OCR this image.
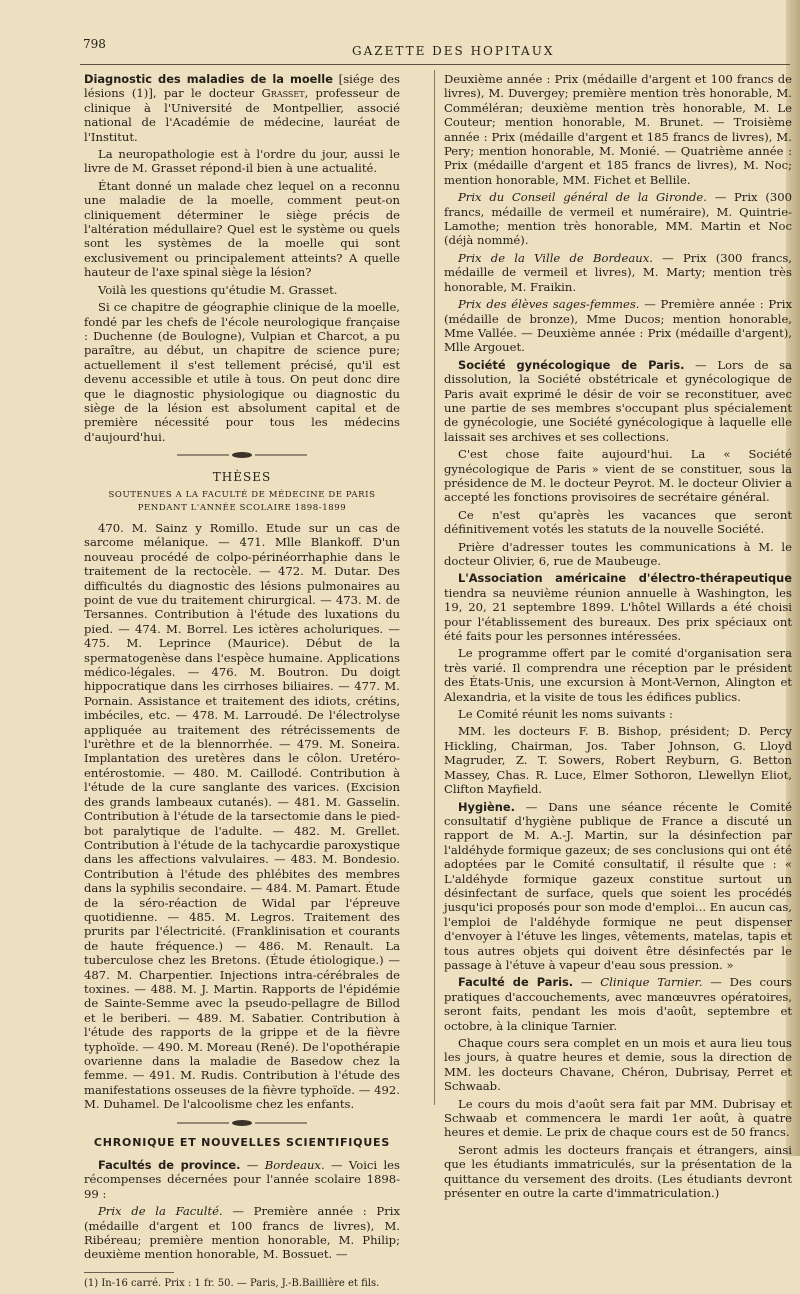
798	GAZETTE DES HOPITAUX

Diagnostic des maladies de la moelle [siége des lésions (1)], par le docteur Grasset, professeur de clinique à l'Université de Montpellier, associé national de l'Académie de médecine, lauréat de l'Institut.

La neuropathologie est à l'ordre du jour, aussi le livre de M. Grasset répond-il bien à une actualité.

Étant donné un malade chez lequel on a reconnu une maladie de la moelle, comment peut-on cliniquement déterminer le siège précis de l'altération médullaire? Quel est le système ou quels sont les systèmes de la moelle qui sont exclusivement ou principalement atteints? A quelle hauteur de l'axe spinal siège la lésion?

Voilà les questions qu'étudie M. Grasset.

Si ce chapitre de géographie clinique de la moelle, fondé par les chefs de l'école neurologique française : Duchenne (de Boulogne), Vulpian et Charcot, a pu paraître, au début, un chapitre de science pure; actuellement il s'est tellement précisé, qu'il est devenu accessible et utile à tous. On peut donc dire que le diagnostic physiologique ou diagnostic du siège de la lésion est absolument capital et de première nécessité pour tous les médecins d'aujourd'hui.

THÈSES
SOUTENUES A LA FACULTÉ DE MÉDECINE DE PARIS
PENDANT L'ANNÉE SCOLAIRE 1898-1899

470. M. Sainz y Romillo. Etude sur un cas de sarcome mélanique. — 471. Mlle Blankoff. D'un nouveau procédé de colpo-périnéorrhaphie dans le traitement de la rectocèle. — 472. M. Dutar. Des difficultés du diagnostic des lésions pulmonaires au point de vue du traitement chirurgical. — 473. M. de Tersannes. Contribution à l'étude des luxations du pied. — 474. M. Borrel. Les ictères acholuriques. — 475. M. Leprince (Maurice). Début de la spermatogenèse dans l'espèce humaine. Applications médico-légales. — 476. M. Boutron. Du doigt hippocratique dans les cirrhoses biliaires. — 477. M. Pornain. Assistance et traitement des idiots, crétins, imbéciles, etc. — 478. M. Larroudé. De l'électrolyse appliquée au traitement des rétrécissements de l'urèthre et de la blennorrhée. — 479. M. Soneira. Implantation des uretères dans le côlon. Uretéro-entérostomie. — 480. M. Caillodé. Contribution à l'étude de la cure sanglante des varices. (Excision des grands lambeaux cutanés). — 481. M. Gasselin. Contribution à l'étude de la tarsectomie dans le pied-bot paralytique de l'adulte. — 482. M. Grellet. Contribution à l'étude de la tachycardie paroxystique dans les affections valvulaires. — 483. M. Bondesio. Contribution à l'étude des phlébites des membres dans la syphilis secondaire. — 484. M. Pamart. Étude de la séro-réaction de Widal par l'épreuve quotidienne. — 485. M. Legros. Traitement des prurits par l'électricité. (Franklinisation et courants de haute fréquence.) — 486. M. Renault. La tuberculose chez les Bretons. (Étude étiologique.) — 487. M. Charpentier. Injections intra-cérébrales de toxines. — 488. M. J. Martin. Rapports de l'épidémie de Sainte-Semme avec la pseudo-pellagre de Billod et le beriberi. — 489. M. Sabatier. Contribution à l'étude des rapports de la grippe et de la fièvre typhoïde. — 490. M. Moreau (René). De l'opothérapie ovarienne dans la maladie de Basedow chez la femme. — 491. M. Rudis. Contribution à l'étude des manifestations osseuses de la fièvre typhoïde. — 492. M. Duhamel. De l'alcoolisme chez les enfants.

CHRONIQUE ET NOUVELLES SCIENTIFIQUES

Facultés de province. — Bordeaux. — Voici les récompenses décernées pour l'année scolaire 1898-99 :

Prix de la Faculté. — Première année : Prix (médaille d'argent et 100 francs de livres), M. Ribéreau; première mention honorable, M. Philip; deuxième mention honorable, M. Bossuet. —

(1) In-16 carré. Prix : 1 fr. 50. — Paris, J.-B.Baillière et fils.

Deuxième année : Prix (médaille d'argent et 100 francs de livres), M. Duvergey; première mention très honorable, M. Comméléran; deuxième mention très honorable, M. Le Couteur; mention honorable, M. Brunet. — Troisième année : Prix (médaille d'argent et 185 francs de livres), M. Pery; mention honorable, M. Monié. — Quatrième année : Prix (médaille d'argent et 185 francs de livres), M. Noc; mention honorable, MM. Fichet et Bellile.

Prix du Conseil général de la Gironde. — Prix (300 francs, médaille de vermeil et numéraire), M. Quintrie-Lamothe; mention très honorable, MM. Martin et Noc (déjà nommé).

Prix de la Ville de Bordeaux. — Prix (300 francs, médaille de vermeil et livres), M. Marty; mention très honorable, M. Fraikin.

Prix des élèves sages-femmes. — Première année : Prix (médaille de bronze), Mme Ducos; mention honorable, Mme Vallée. — Deuxième année : Prix (médaille d'argent), Mlle Argouet.

Société gynécologique de Paris. — Lors de sa dissolution, la Société obstétricale et gynécologique de Paris avait exprimé le désir de voir se reconstituer, avec une partie de ses membres s'occupant plus spécialement de gynécologie, une Société gynécologique à laquelle elle laissait ses archives et ses collections.

C'est chose faite aujourd'hui. La « Société gynécologique de Paris » vient de se constituer, sous la présidence de M. le docteur Peyrot. M. le docteur Olivier a accepté les fonctions provisoires de secrétaire général.

Ce n'est qu'après les vacances que seront définitivement votés les statuts de la nouvelle Société.

Prière d'adresser toutes les communications à M. le docteur Olivier, 6, rue de Maubeuge.

L'Association américaine d'électro-thérapeutique tiendra sa neuvième réunion annuelle à Washington, les 19, 20, 21 septembre 1899. L'hôtel Willards a été choisi pour l'établissement des bureaux. Des prix spéciaux ont été faits pour les personnes intéressées.

Le programme offert par le comité d'organisation sera très varié. Il comprendra une réception par le président des États-Unis, une excursion à Mont-Vernon, Alington et Alexandria, et la visite de tous les édifices publics.

Le Comité réunit les noms suivants :

MM. les docteurs F. B. Bishop, président; D. Percy Hickling, Chairman, Jos. Taber Johnson, G. Lloyd Magruder, Z. T. Sowers, Robert Reyburn, G. Betton Massey, Chas. R. Luce, Elmer Sothoron, Llewellyn Eliot, Clifton Mayfield.

Hygiène. — Dans une séance récente le Comité consultatif d'hygiène publique de France a discuté un rapport de M. A.-J. Martin, sur la désinfection par l'aldéhyde formique gazeux; de ses conclusions qui ont été adoptées par le Comité consultatif, il résulte que : « L'aldéhyde formique gazeux constitue surtout un désinfectant de surface, quels que soient les procédés jusqu'ici proposés pour son mode d'emploi... En aucun cas, l'emploi de l'aldéhyde formique ne peut dispenser d'envoyer à l'étuve les linges, vêtements, matelas, tapis et tous autres objets qui doivent être désinfectés par le passage à l'étuve à vapeur d'eau sous pression. »

Faculté de Paris. — Clinique Tarnier. — Des cours pratiques d'accouchements, avec manœuvres opératoires, seront faits, pendant les mois d'août, septembre et octobre, à la clinique Tarnier.

Chaque cours sera complet en un mois et aura lieu tous les jours, à quatre heures et demie, sous la direction de MM. les docteurs Chavane, Chéron, Dubrisay, Perret et Schwaab.

Le cours du mois d'août sera fait par MM. Dubrisay et Schwaab et commencera le mardi 1er août, à quatre heures et demie. Le prix de chaque cours est de 50 francs.

Seront admis les docteurs français et étrangers, ainsi que les étudiants immatriculés, sur la présentation de la quittance du versement des droits. (Les étudiants devront présenter en outre la carte d'immatriculation.)
